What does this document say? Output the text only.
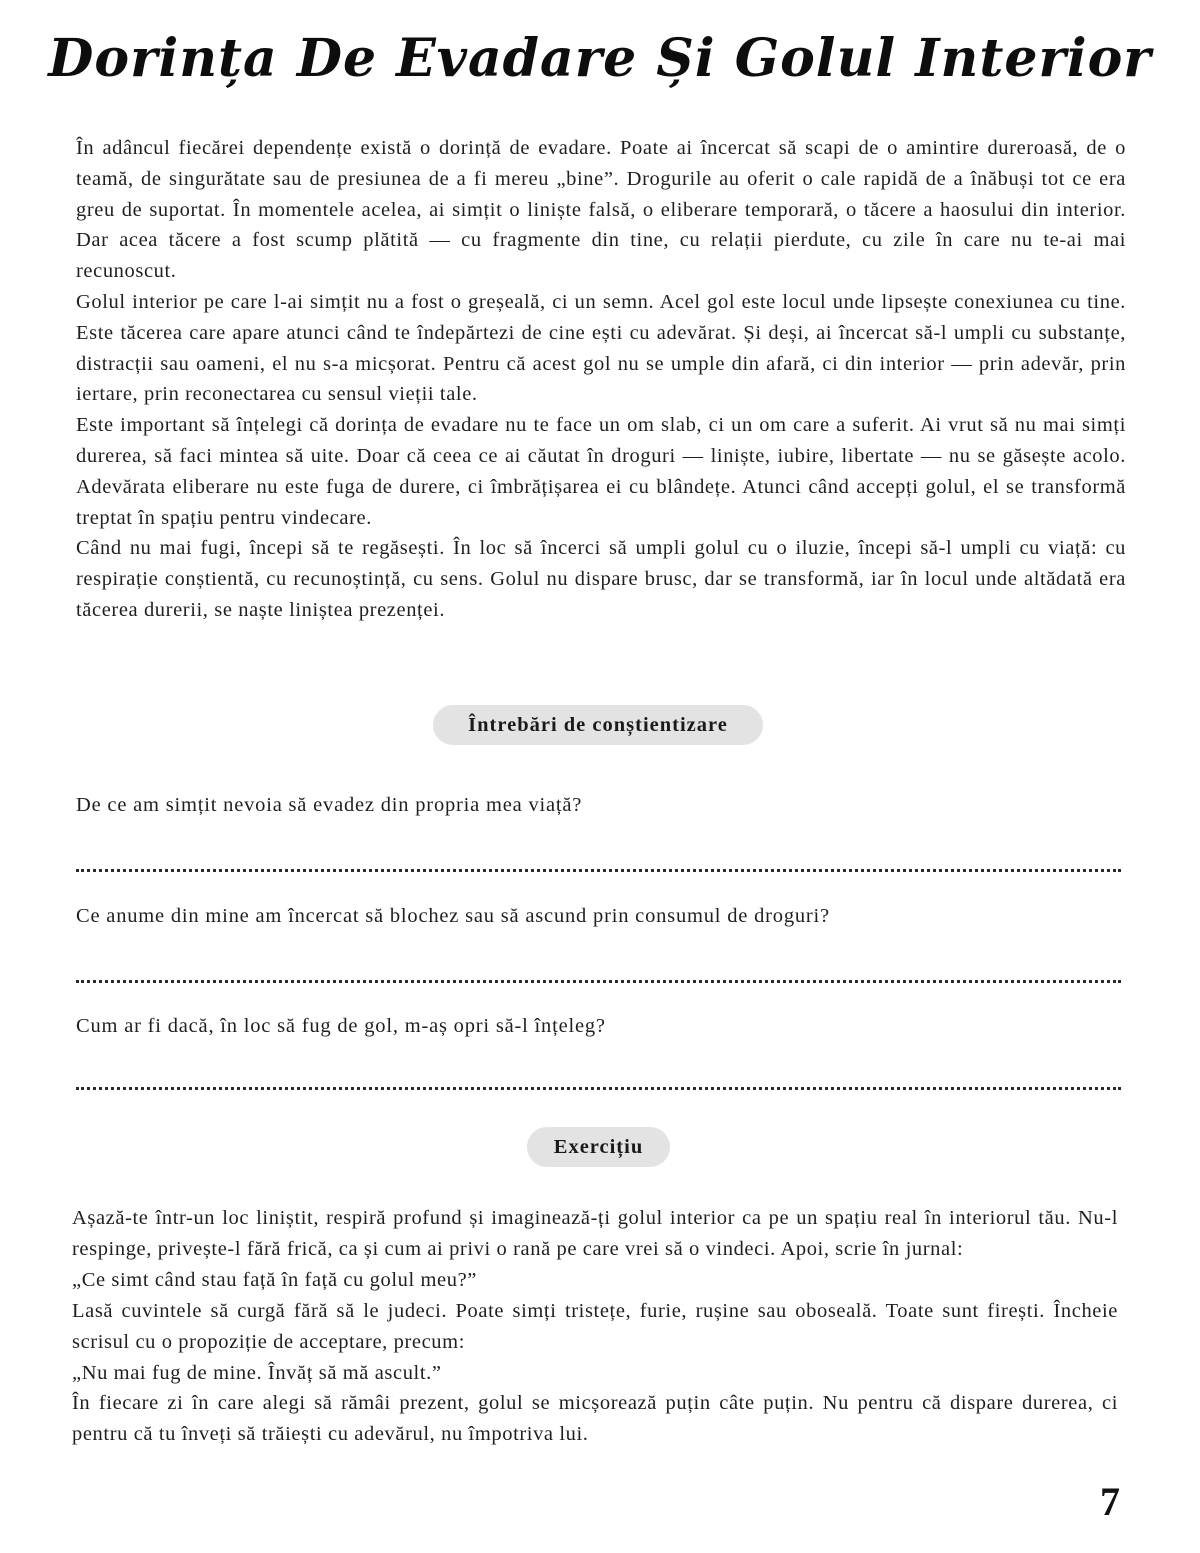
Dorința De Evadare Și Golul Interior

În adâncul fiecărei dependențe există o dorință de evadare. Poate ai încercat să scapi de o amintire dureroasă, de o teamă, de singurătate sau de presiunea de a fi mereu „bine”. Drogurile au oferit o cale rapidă de a înăbuși tot ce era greu de suportat. În momentele acelea, ai simțit o liniște falsă, o eliberare temporară, o tăcere a haosului din interior. Dar acea tăcere a fost scump plătită — cu fragmente din tine, cu relații pierdute, cu zile în care nu te-ai mai recunoscut.

Golul interior pe care l-ai simțit nu a fost o greșeală, ci un semn. Acel gol este locul unde lipsește conexiunea cu tine. Este tăcerea care apare atunci când te îndepărtezi de cine ești cu adevărat. Și deși, ai încercat să-l umpli cu substanțe, distracții sau oameni, el nu s-a micșorat. Pentru că acest gol nu se umple din afară, ci din interior — prin adevăr, prin iertare, prin reconectarea cu sensul vieții tale.

Este important să înțelegi că dorința de evadare nu te face un om slab, ci un om care a suferit. Ai vrut să nu mai simți durerea, să faci mintea să uite. Doar că ceea ce ai căutat în droguri — liniște, iubire, libertate — nu se găsește acolo. Adevărata eliberare nu este fuga de durere, ci îmbrățișarea ei cu blândețe. Atunci când accepți golul, el se transformă treptat în spațiu pentru vindecare.

Când nu mai fugi, începi să te regăsești. În loc să încerci să umpli golul cu o iluzie, începi să-l umpli cu viață: cu respirație conștientă, cu recunoștință, cu sens. Golul nu dispare brusc, dar se transformă, iar în locul unde altădată era tăcerea durerii, se naște liniștea prezenței.

Întrebări de conștientizare

De ce am simțit nevoia să evadez din propria mea viață?

Ce anume din mine am încercat să blochez sau să ascund prin consumul de droguri?

Cum ar fi dacă, în loc să fug de gol, m-aș opri să-l înțeleg?

Exercițiu

Așază-te într-un loc liniștit, respiră profund și imaginează-ți golul interior ca pe un spațiu real în interiorul tău. Nu-l respinge, privește-l fără frică, ca și cum ai privi o rană pe care vrei să o vindeci. Apoi, scrie în jurnal:

„Ce simt când stau față în față cu golul meu?”

Lasă cuvintele să curgă fără să le judeci. Poate simți tristețe, furie, rușine sau oboseală. Toate sunt firești. Încheie scrisul cu o propoziție de acceptare, precum:

„Nu mai fug de mine. Învăț să mă ascult.”

În fiecare zi în care alegi să rămâi prezent, golul se micșorează puțin câte puțin. Nu pentru că dispare durerea, ci pentru că tu înveți să trăiești cu adevărul, nu împotriva lui.

7
